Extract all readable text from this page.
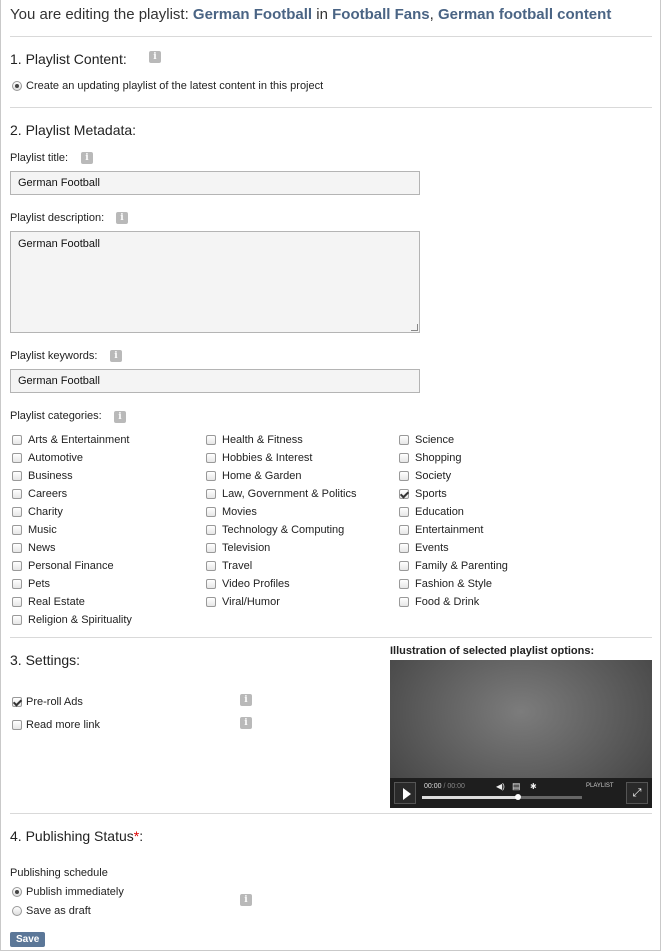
You are editing the playlist: German Football in Football Fans, German football content
1. Playlist Content:	i
Create an updating playlist of the latest content in this project
2. Playlist Metadata:
Playlist title:	i
German Football
Playlist description:	i
German Football
Playlist keywords:	i
German Football
Playlist categories:	i
Arts & Entertainment
Automotive
Business
Careers
Charity
Music
News
Personal Finance
Pets
Real Estate
Religion & Spirituality
Health & Fitness
Hobbies & Interest
Home & Garden
Law, Government & Politics
Movies
Technology & Computing
Television
Travel
Video Profiles
Viral/Humor
Science
Shopping
Society
Sports
Education
Entertainment
Events
Family & Parenting
Fashion & Style
Food & Drink
3. Settings:
Pre-roll Ads	i
Read more link	i
Illustration of selected playlist options:
00:00 / 00:00	◀) ▤ ✱	PLAYLIST
⤢
4. Publishing Status*:
Publishing schedule
Publish immediately
Save as draft
i
Save
